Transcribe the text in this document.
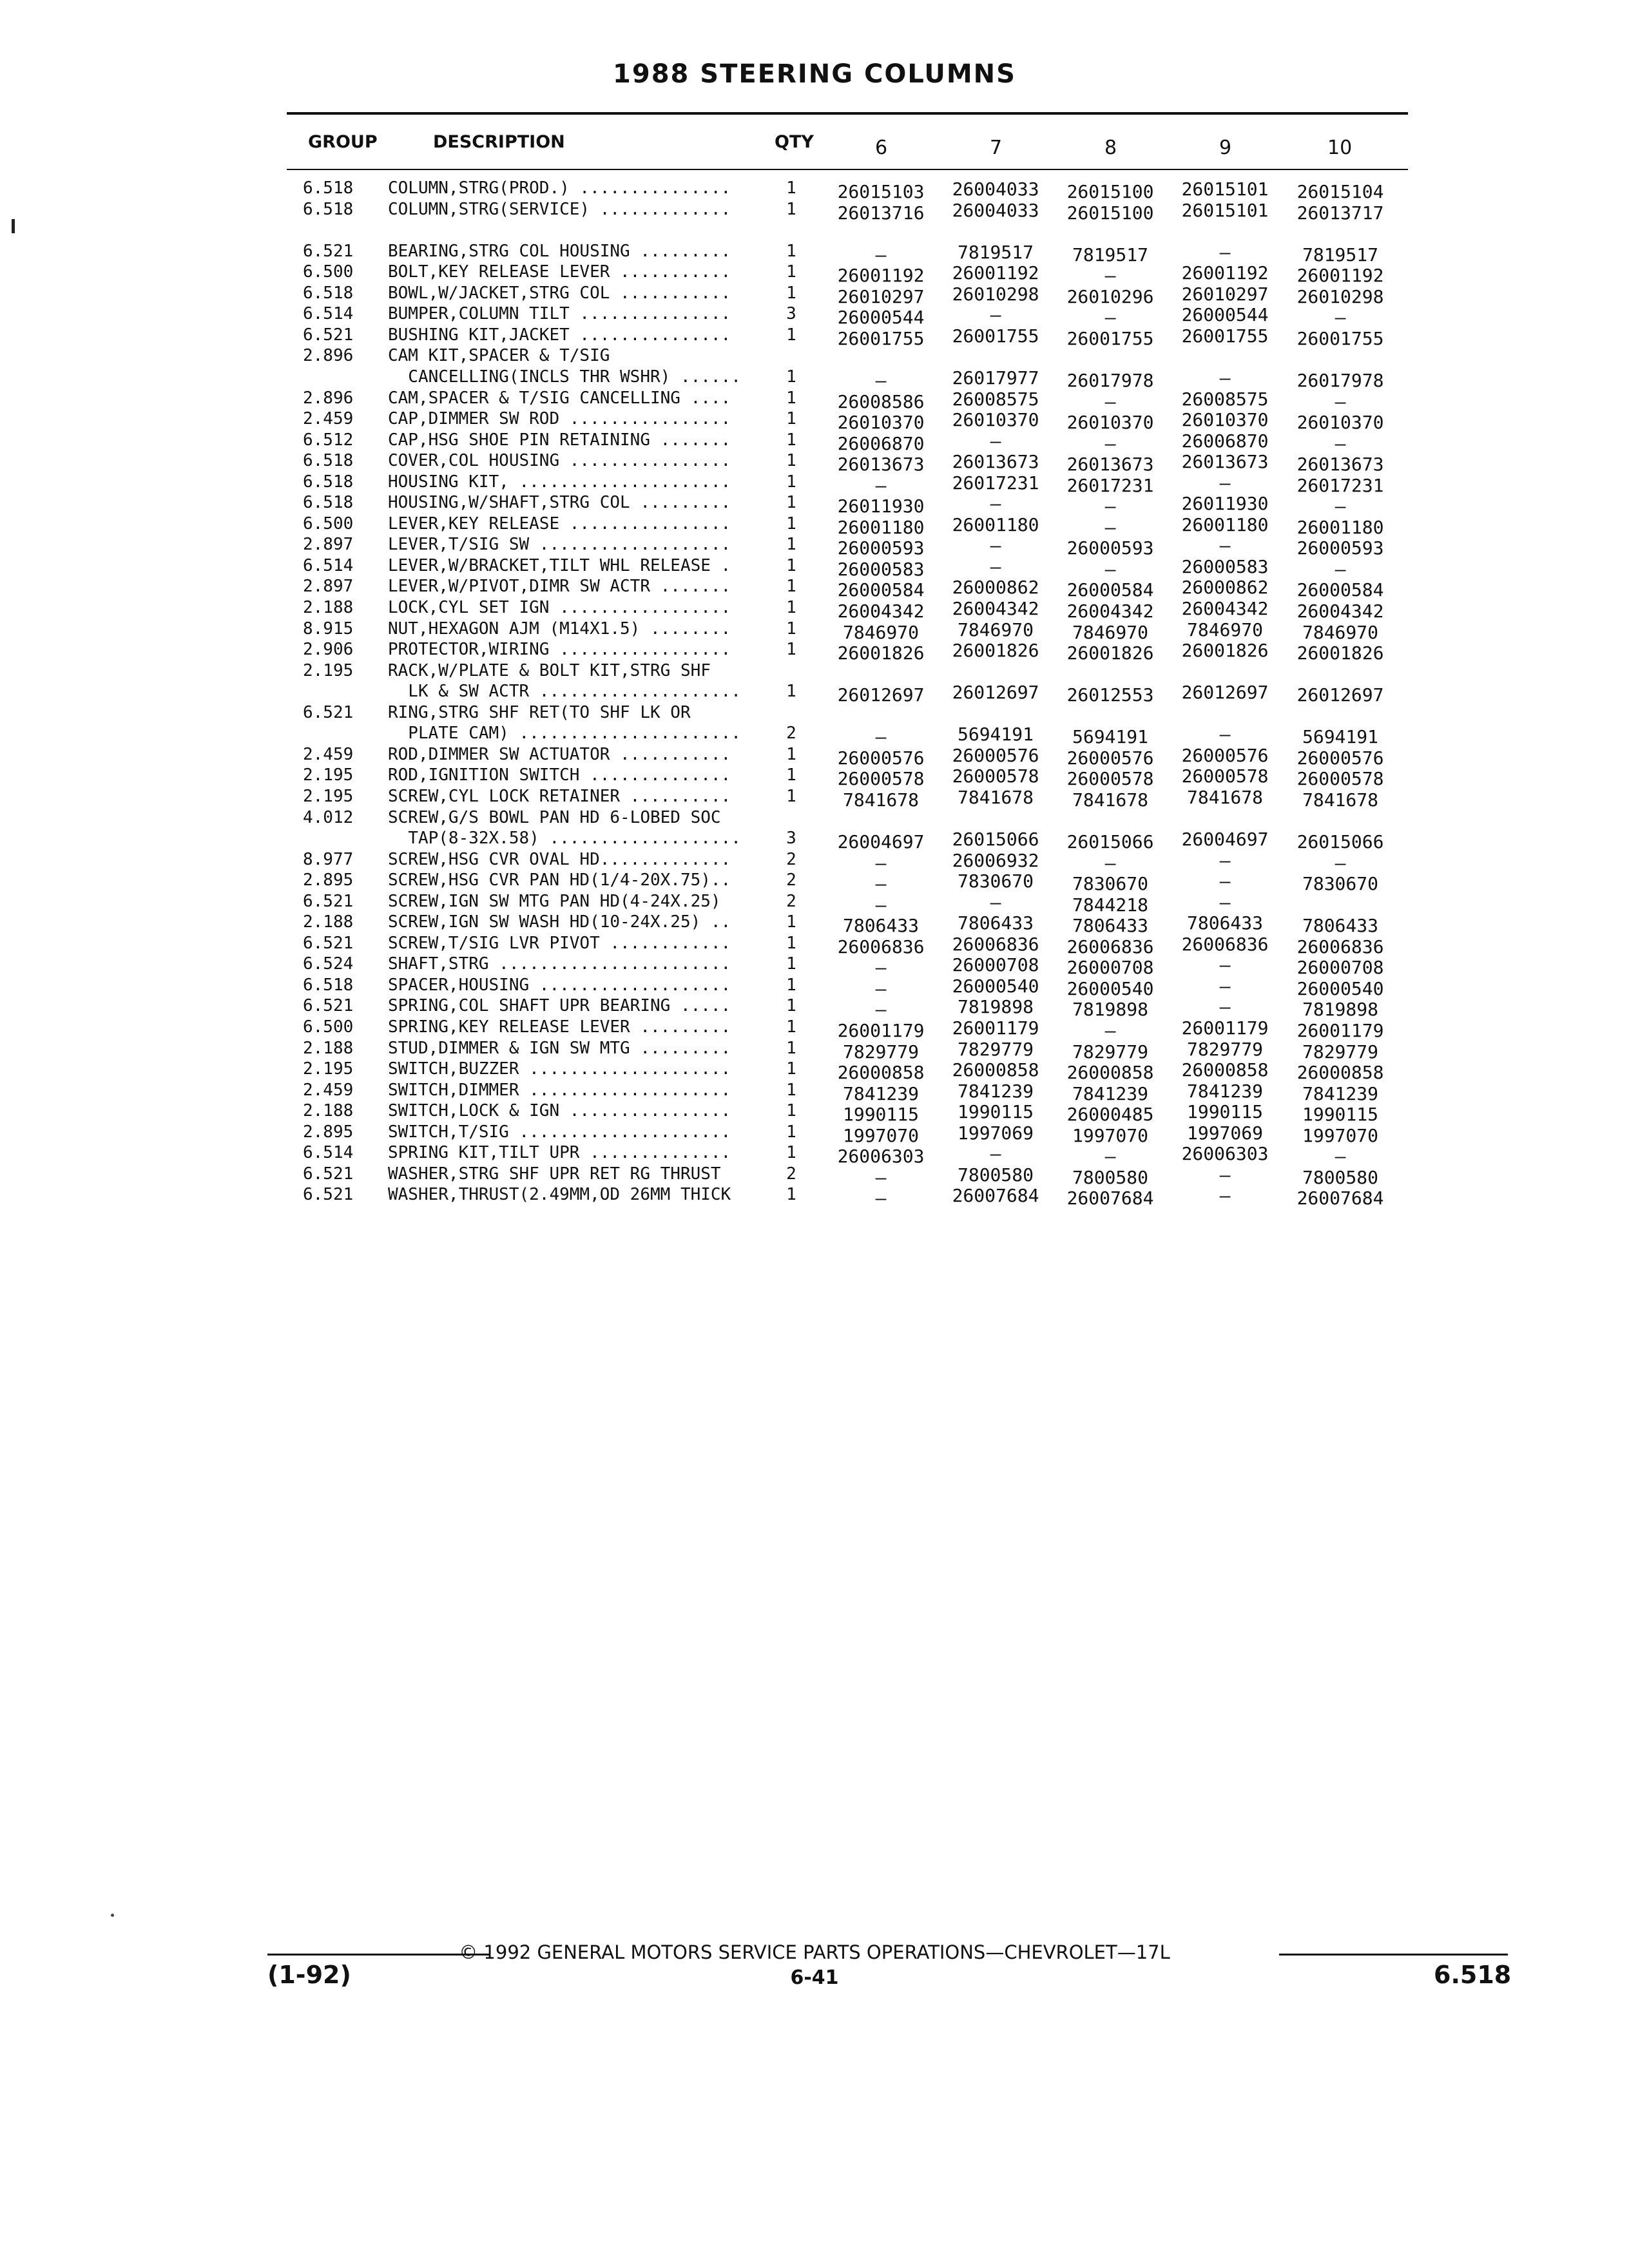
1988 STEERING COLUMNS
GROUP	DESCRIPTION	QTY	6	7	8	9	10
6.518	COLUMN,STRG(PROD.) ...............	1	26015103	26004033	26015100	26015101	26015104
6.518	COLUMN,STRG(SERVICE) .............	1	26013716	26004033	26015100	26015101	26013717
6.521	BEARING,STRG COL HOUSING .........	1	—	7819517	7819517	—	7819517
6.500	BOLT,KEY RELEASE LEVER ...........	1	26001192	26001192	—	26001192	26001192
6.518	BOWL,W/JACKET,STRG COL ...........	1	26010297	26010298	26010296	26010297	26010298
6.514	BUMPER,COLUMN TILT ...............	3	26000544	—	—	26000544	—
6.521	BUSHING KIT,JACKET ...............	1	26001755	26001755	26001755	26001755	26001755
2.896	CAM KIT,SPACER & T/SIG
CANCELLING(INCLS THR WSHR) ......	1	—	26017977	26017978	—	26017978
2.896	CAM,SPACER & T/SIG CANCELLING ....	1	26008586	26008575	—	26008575	—
2.459	CAP,DIMMER SW ROD ................	1	26010370	26010370	26010370	26010370	26010370
6.512	CAP,HSG SHOE PIN RETAINING .......	1	26006870	—	—	26006870	—
6.518	COVER,COL HOUSING ................	1	26013673	26013673	26013673	26013673	26013673
6.518	HOUSING KIT, .....................	1	—	26017231	26017231	—	26017231
6.518	HOUSING,W/SHAFT,STRG COL .........	1	26011930	—	—	26011930	—
6.500	LEVER,KEY RELEASE ................	1	26001180	26001180	—	26001180	26001180
2.897	LEVER,T/SIG SW ...................	1	26000593	—	26000593	—	26000593
6.514	LEVER,W/BRACKET,TILT WHL RELEASE .	1	26000583	—	—	26000583	—
2.897	LEVER,W/PIVOT,DIMR SW ACTR .......	1	26000584	26000862	26000584	26000862	26000584
2.188	LOCK,CYL SET IGN .................	1	26004342	26004342	26004342	26004342	26004342
8.915	NUT,HEXAGON AJM (M14X1.5) ........	1	7846970	7846970	7846970	7846970	7846970
2.906	PROTECTOR,WIRING .................	1	26001826	26001826	26001826	26001826	26001826
2.195	RACK,W/PLATE & BOLT KIT,STRG SHF
LK & SW ACTR ....................	1	26012697	26012697	26012553	26012697	26012697
6.521	RING,STRG SHF RET(TO SHF LK OR
PLATE CAM) ......................	2	—	5694191	5694191	—	5694191
2.459	ROD,DIMMER SW ACTUATOR ...........	1	26000576	26000576	26000576	26000576	26000576
2.195	ROD,IGNITION SWITCH ..............	1	26000578	26000578	26000578	26000578	26000578
2.195	SCREW,CYL LOCK RETAINER ..........	1	7841678	7841678	7841678	7841678	7841678
4.012	SCREW,G/S BOWL PAN HD 6-LOBED SOC
TAP(8-32X.58) ...................	3	26004697	26015066	26015066	26004697	26015066
8.977	SCREW,HSG CVR OVAL HD.............	2	—	26006932	—	—	—
2.895	SCREW,HSG CVR PAN HD(1/4-20X.75)..	2	—	7830670	7830670	—	7830670
6.521	SCREW,IGN SW MTG PAN HD(4-24X.25)	2	—	—	7844218	—
2.188	SCREW,IGN SW WASH HD(10-24X.25) ..	1	7806433	7806433	7806433	7806433	7806433
6.521	SCREW,T/SIG LVR PIVOT ............	1	26006836	26006836	26006836	26006836	26006836
6.524	SHAFT,STRG .......................	1	—	26000708	26000708	—	26000708
6.518	SPACER,HOUSING ...................	1	—	26000540	26000540	—	26000540
6.521	SPRING,COL SHAFT UPR BEARING .....	1	—	7819898	7819898	—	7819898
6.500	SPRING,KEY RELEASE LEVER .........	1	26001179	26001179	—	26001179	26001179
2.188	STUD,DIMMER & IGN SW MTG .........	1	7829779	7829779	7829779	7829779	7829779
2.195	SWITCH,BUZZER ....................	1	26000858	26000858	26000858	26000858	26000858
2.459	SWITCH,DIMMER ....................	1	7841239	7841239	7841239	7841239	7841239
2.188	SWITCH,LOCK & IGN ................	1	1990115	1990115	26000485	1990115	1990115
2.895	SWITCH,T/SIG .....................	1	1997070	1997069	1997070	1997069	1997070
6.514	SPRING KIT,TILT UPR ..............	1	26006303	—	—	26006303	—
6.521	WASHER,STRG SHF UPR RET RG THRUST	2	—	7800580	7800580	—	7800580
6.521	WASHER,THRUST(2.49MM,OD 26MM THICK	1	—	26007684	26007684	—	26007684
© 1992 GENERAL MOTORS SERVICE PARTS OPERATIONS—CHEVROLET—17L
6-41
(1-92)	6.518
